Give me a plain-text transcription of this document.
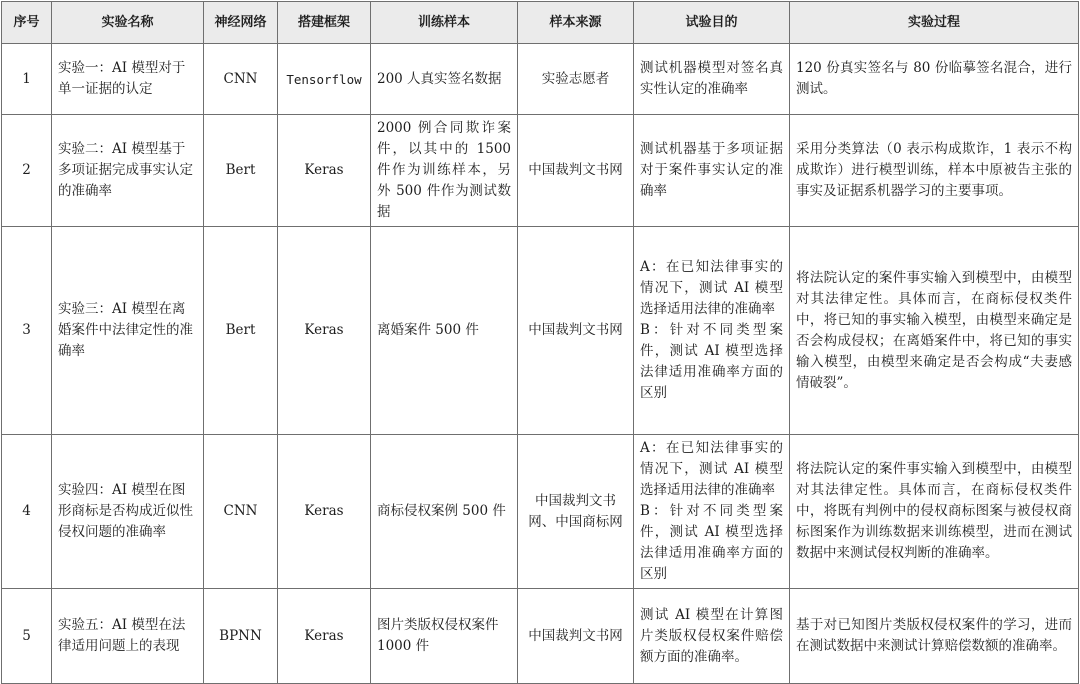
序号	实验名称	神经网络	搭建框架	训练样本	样本来源	试验目的	实验过程
1	实验一：AI 模型对于单一证据的认定	CNN	Tensorflow	200 人真实签名数据	实验志愿者	测试机器模型对签名真实性认定的准确率	120 份真实签名与 80 份临摹签名混合，进行测试。
2	实验二：AI 模型基于多项证据完成事实认定的准确率	Bert	Keras	2000 例合同欺诈案件，以其中的 1500 件作为训练样本，另外 500 件作为测试数据	中国裁判文书网	测试机器基于多项证据对于案件事实认定的准确率	采用分类算法（0 表示构成欺诈，1 表示不构成欺诈）进行模型训练，样本中原被告主张的事实及证据系机器学习的主要事项。
3	实验三：AI 模型在离婚案件中法律定性的准确率	Bert	Keras	离婚案件 500 件	中国裁判文书网	A：在已知法律事实的情况下，测试 AI 模型选择适用法律的准确率
B：针对不同类型案件，测试 AI 模型选择法律适用准确率方面的区别	将法院认定的案件事实输入到模型中，由模型对其法律定性。具体而言，在商标侵权类件中，将已知的事实输入模型，由模型来确定是否会构成侵权；在离婚案件中，将已知的事实输入模型，由模型来确定是否会构成“夫妻感情破裂”。
4	实验四：AI 模型在图形商标是否构成近似性侵权问题的准确率	CNN	Keras	商标侵权案例 500 件	中国裁判文书网、中国商标网	A：在已知法律事实的情况下，测试 AI 模型选择适用法律的准确率
B：针对不同类型案件，测试 AI 模型选择法律适用准确率方面的区别	将法院认定的案件事实输入到模型中，由模型对其法律定性。具体而言，在商标侵权类件中，将既有判例中的侵权商标图案与被侵权商标图案作为训练数据来训练模型，进而在测试数据中来测试侵权判断的准确率。
5	实验五：AI 模型在法律适用问题上的表现	BPNN	Keras	图片类版权侵权案件 1000 件	中国裁判文书网	测试 AI 模型在计算图片类版权侵权案件赔偿额方面的准确率。	基于对已知图片类版权侵权案件的学习，进而在测试数据中来测试计算赔偿数额的准确率。
